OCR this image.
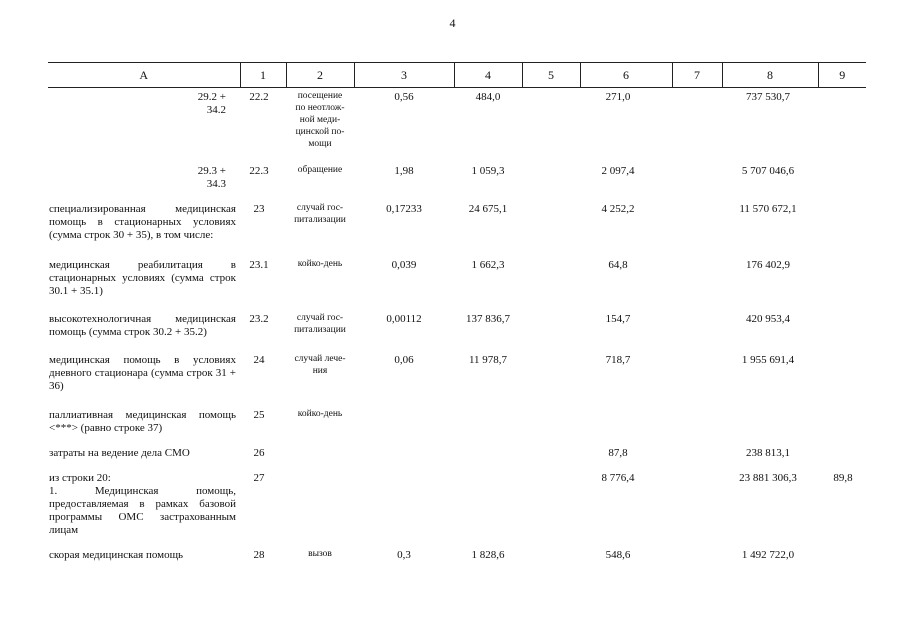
4
А	1	2	3	4	5	6	7	8	9
29.2 +
34.2	22.2	посещение
по неотлож-
ной меди-
цинской по-
мощи	0,56	484,0		271,0		737 530,7	
29.3 +
34.3	22.3	обращение	1,98	1 059,3		2 097,4		5 707 046,6	
специализированная медицинская помощь в стационарных условиях (сумма строк 30 + 35), в том числе:	23	случай гос-
питализации	0,17233	24 675,1		4 252,2		11 570 672,1	
медицинская реабилитация в стационарных условиях (сумма строк 30.1 + 35.1)	23.1	койко-день	0,039	1 662,3		64,8		176 402,9	
высокотехнологичная медицинская помощь (сумма строк 30.2 + 35.2)	23.2	случай гос-
питализации	0,00112	137 836,7		154,7		420 953,4	
медицинская помощь в условиях дневного стационара (сумма строк 31 + 36)	24	случай лече-
ния	0,06	11 978,7		718,7		1 955 691,4	
паллиативная медицинская помощь <***> (равно строке 37)	25	койко-день							
затраты на ведение дела СМО	26					87,8		238 813,1	
из строки 20:
1. Медицинская помощь, предоставляемая в рамках базовой программы ОМС застрахованным лицам	27					8 776,4		23 881 306,3	89,8
скорая медицинская помощь	28	вызов	0,3	1 828,6		548,6		1 492 722,0	
